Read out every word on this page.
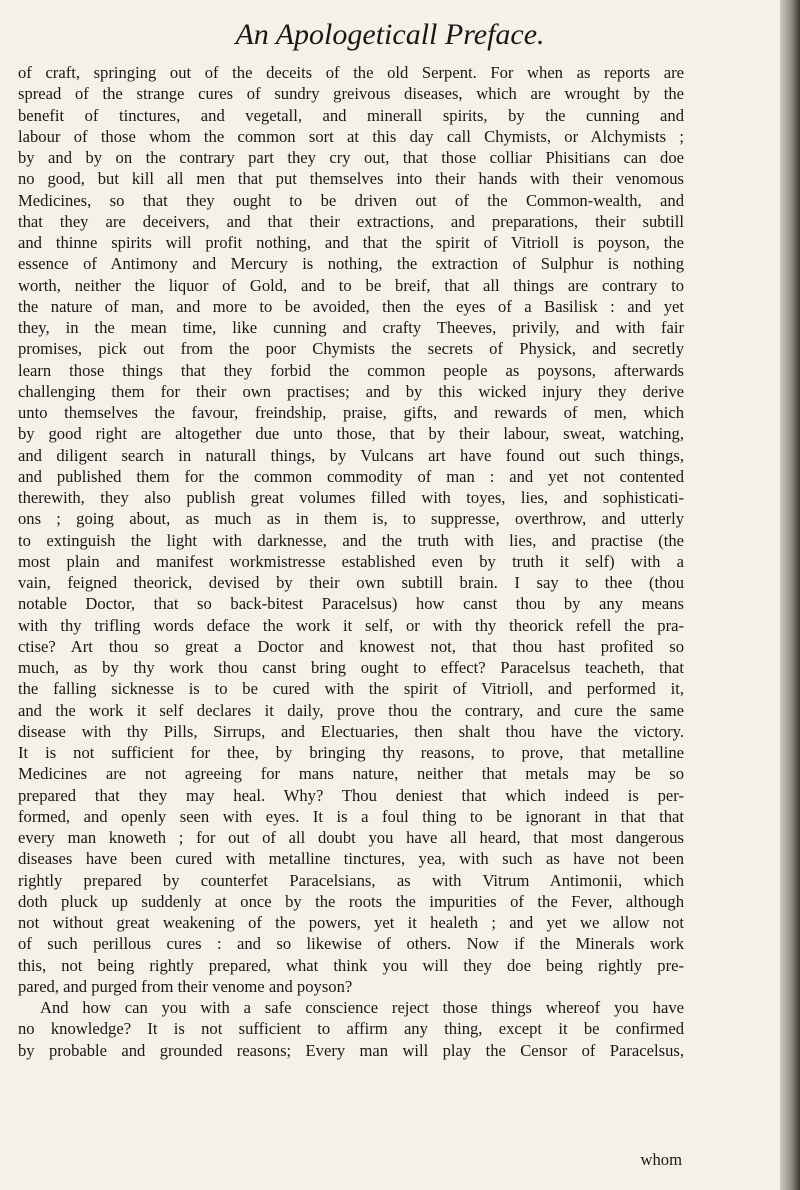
An Apologeticall Preface.
of craft, springing out of the deceits of the old Serpent. For when as reports are
spread of the strange cures of sundry greivous diseases, which are wrought by the
benefit of tinctures, and vegetall, and minerall spirits, by the cunning and
labour of those whom the common sort at this day call Chymists, or Alchymists ;
by and by on the contrary part they cry out, that those colliar Phisitians can doe
no good, but kill all men that put themselves into their hands with their venomous
Medicines, so that they ought to be driven out of the Common-wealth, and
that they are deceivers, and that their extractions, and preparations, their subtill
and thinne spirits will profit nothing, and that the spirit of Vitrioll is poyson, the
essence of Antimony and Mercury is nothing, the extraction of Sulphur is nothing
worth, neither the liquor of Gold, and to be breif, that all things are contrary to
the nature of man, and more to be avoided, then the eyes of a Basilisk : and yet
they, in the mean time, like cunning and crafty Theeves, privily, and with fair
promises, pick out from the poor Chymists the secrets of Physick, and secretly
learn those things that they forbid the common people as poysons, afterwards
challenging them for their own practises; and by this wicked injury they derive
unto themselves the favour, freindship, praise, gifts, and rewards of men, which
by good right are altogether due unto those, that by their labour, sweat, watching,
and diligent search in naturall things, by Vulcans art have found out such things,
and published them for the common commodity of man : and yet not contented
therewith, they also publish great volumes filled with toyes, lies, and sophisticati-
ons ; going about, as much as in them is, to suppresse, overthrow, and utterly
to extinguish the light with darknesse, and the truth with lies, and practise (the
most plain and manifest workmistresse established even by truth it self) with a
vain, feigned theorick, devised by their own subtill brain. I say to thee (thou
notable Doctor, that so back-bitest Paracelsus) how canst thou by any means
with thy trifling words deface the work it self, or with thy theorick refell the pra-
ctise? Art thou so great a Doctor and knowest not, that thou hast profited so
much, as by thy work thou canst bring ought to effect? Paracelsus teacheth, that
the falling sicknesse is to be cured with the spirit of Vitrioll, and performed it,
and the work it self declares it daily, prove thou the contrary, and cure the same
disease with thy Pills, Sirrups, and Electuaries, then shalt thou have the victory.
It is not sufficient for thee, by bringing thy reasons, to prove, that metalline
Medicines are not agreeing for mans nature, neither that metals may be so
prepared that they may heal. Why? Thou deniest that which indeed is per-
formed, and openly seen with eyes. It is a foul thing to be ignorant in that that
every man knoweth ; for out of all doubt you have all heard, that most dangerous
diseases have been cured with metalline tinctures, yea, with such as have not been
rightly prepared by counterfet Paracelsians, as with Vitrum Antimonii, which
doth pluck up suddenly at once by the roots the impurities of the Fever, although
not without great weakening of the powers, yet it healeth ; and yet we allow not
of such perillous cures : and so likewise of others. Now if the Minerals work
this, not being rightly prepared, what think you will they doe being rightly pre-
pared, and purged from their venome and poyson?
And how can you with a safe conscience reject those things whereof you have
no knowledge? It is not sufficient to affirm any thing, except it be confirmed
by probable and grounded reasons; Every man will play the Censor of Paracelsus,
whom
